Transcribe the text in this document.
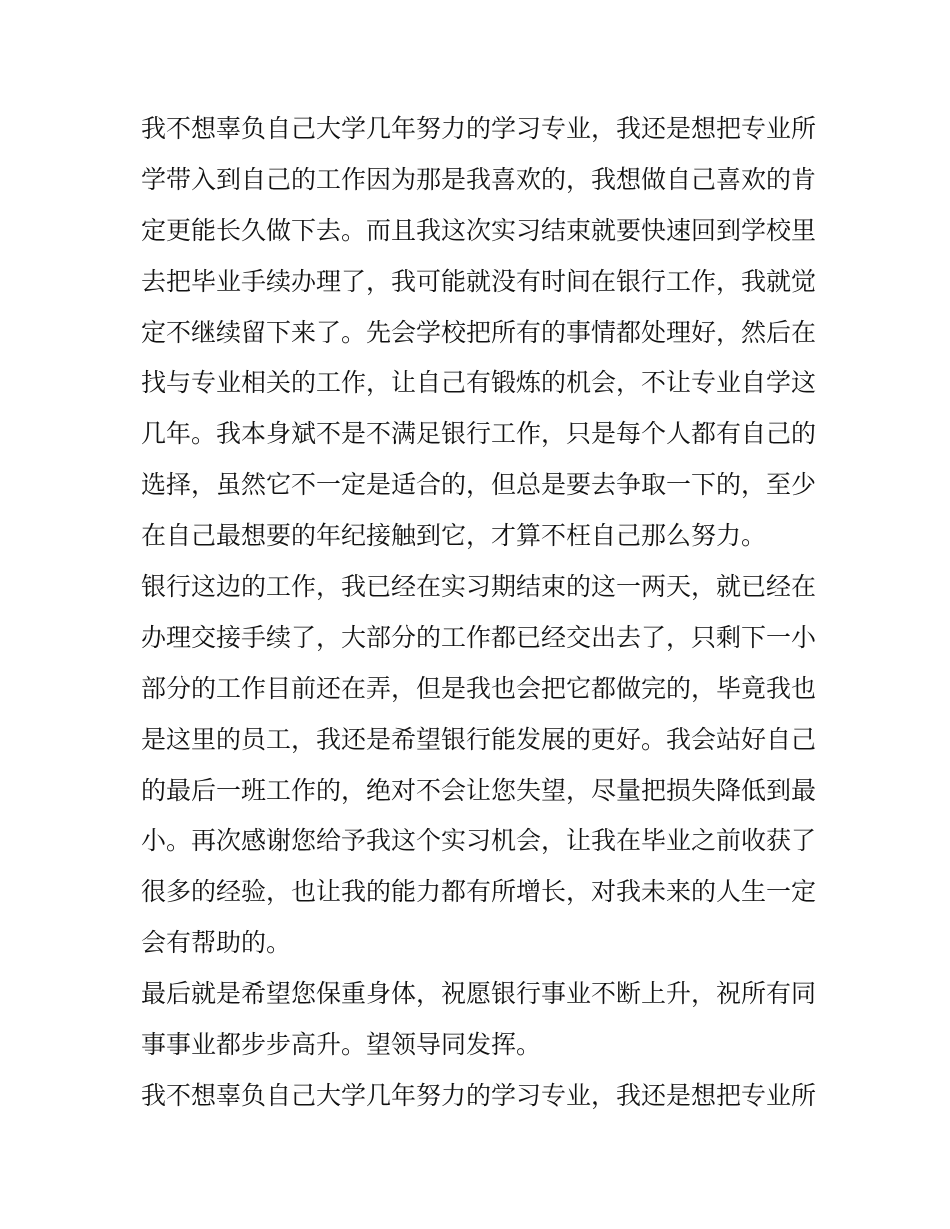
我不想辜负自己大学几年努力的学习专业，我还是想把专业所
学带入到自己的工作因为那是我喜欢的，我想做自己喜欢的肯
定更能长久做下去。而且我这次实习结束就要快速回到学校里
去把毕业手续办理了，我可能就没有时间在银行工作，我就觉
定不继续留下来了。先会学校把所有的事情都处理好，然后在
找与专业相关的工作，让自己有锻炼的机会，不让专业自学这
几年。我本身斌不是不满足银行工作，只是每个人都有自己的
选择，虽然它不一定是适合的，但总是要去争取一下的，至少
在自己最想要的年纪接触到它，才算不枉自己那么努力。
银行这边的工作，我已经在实习期结束的这一两天，就已经在
办理交接手续了，大部分的工作都已经交出去了，只剩下一小
部分的工作目前还在弄，但是我也会把它都做完的，毕竟我也
是这里的员工，我还是希望银行能发展的更好。我会站好自己
的最后一班工作的，绝对不会让您失望，尽量把损失降低到最
小。再次感谢您给予我这个实习机会，让我在毕业之前收获了
很多的经验，也让我的能力都有所增长，对我未来的人生一定
会有帮助的。
最后就是希望您保重身体，祝愿银行事业不断上升，祝所有同
事事业都步步高升。望领导同发挥。
我不想辜负自己大学几年努力的学习专业，我还是想把专业所
